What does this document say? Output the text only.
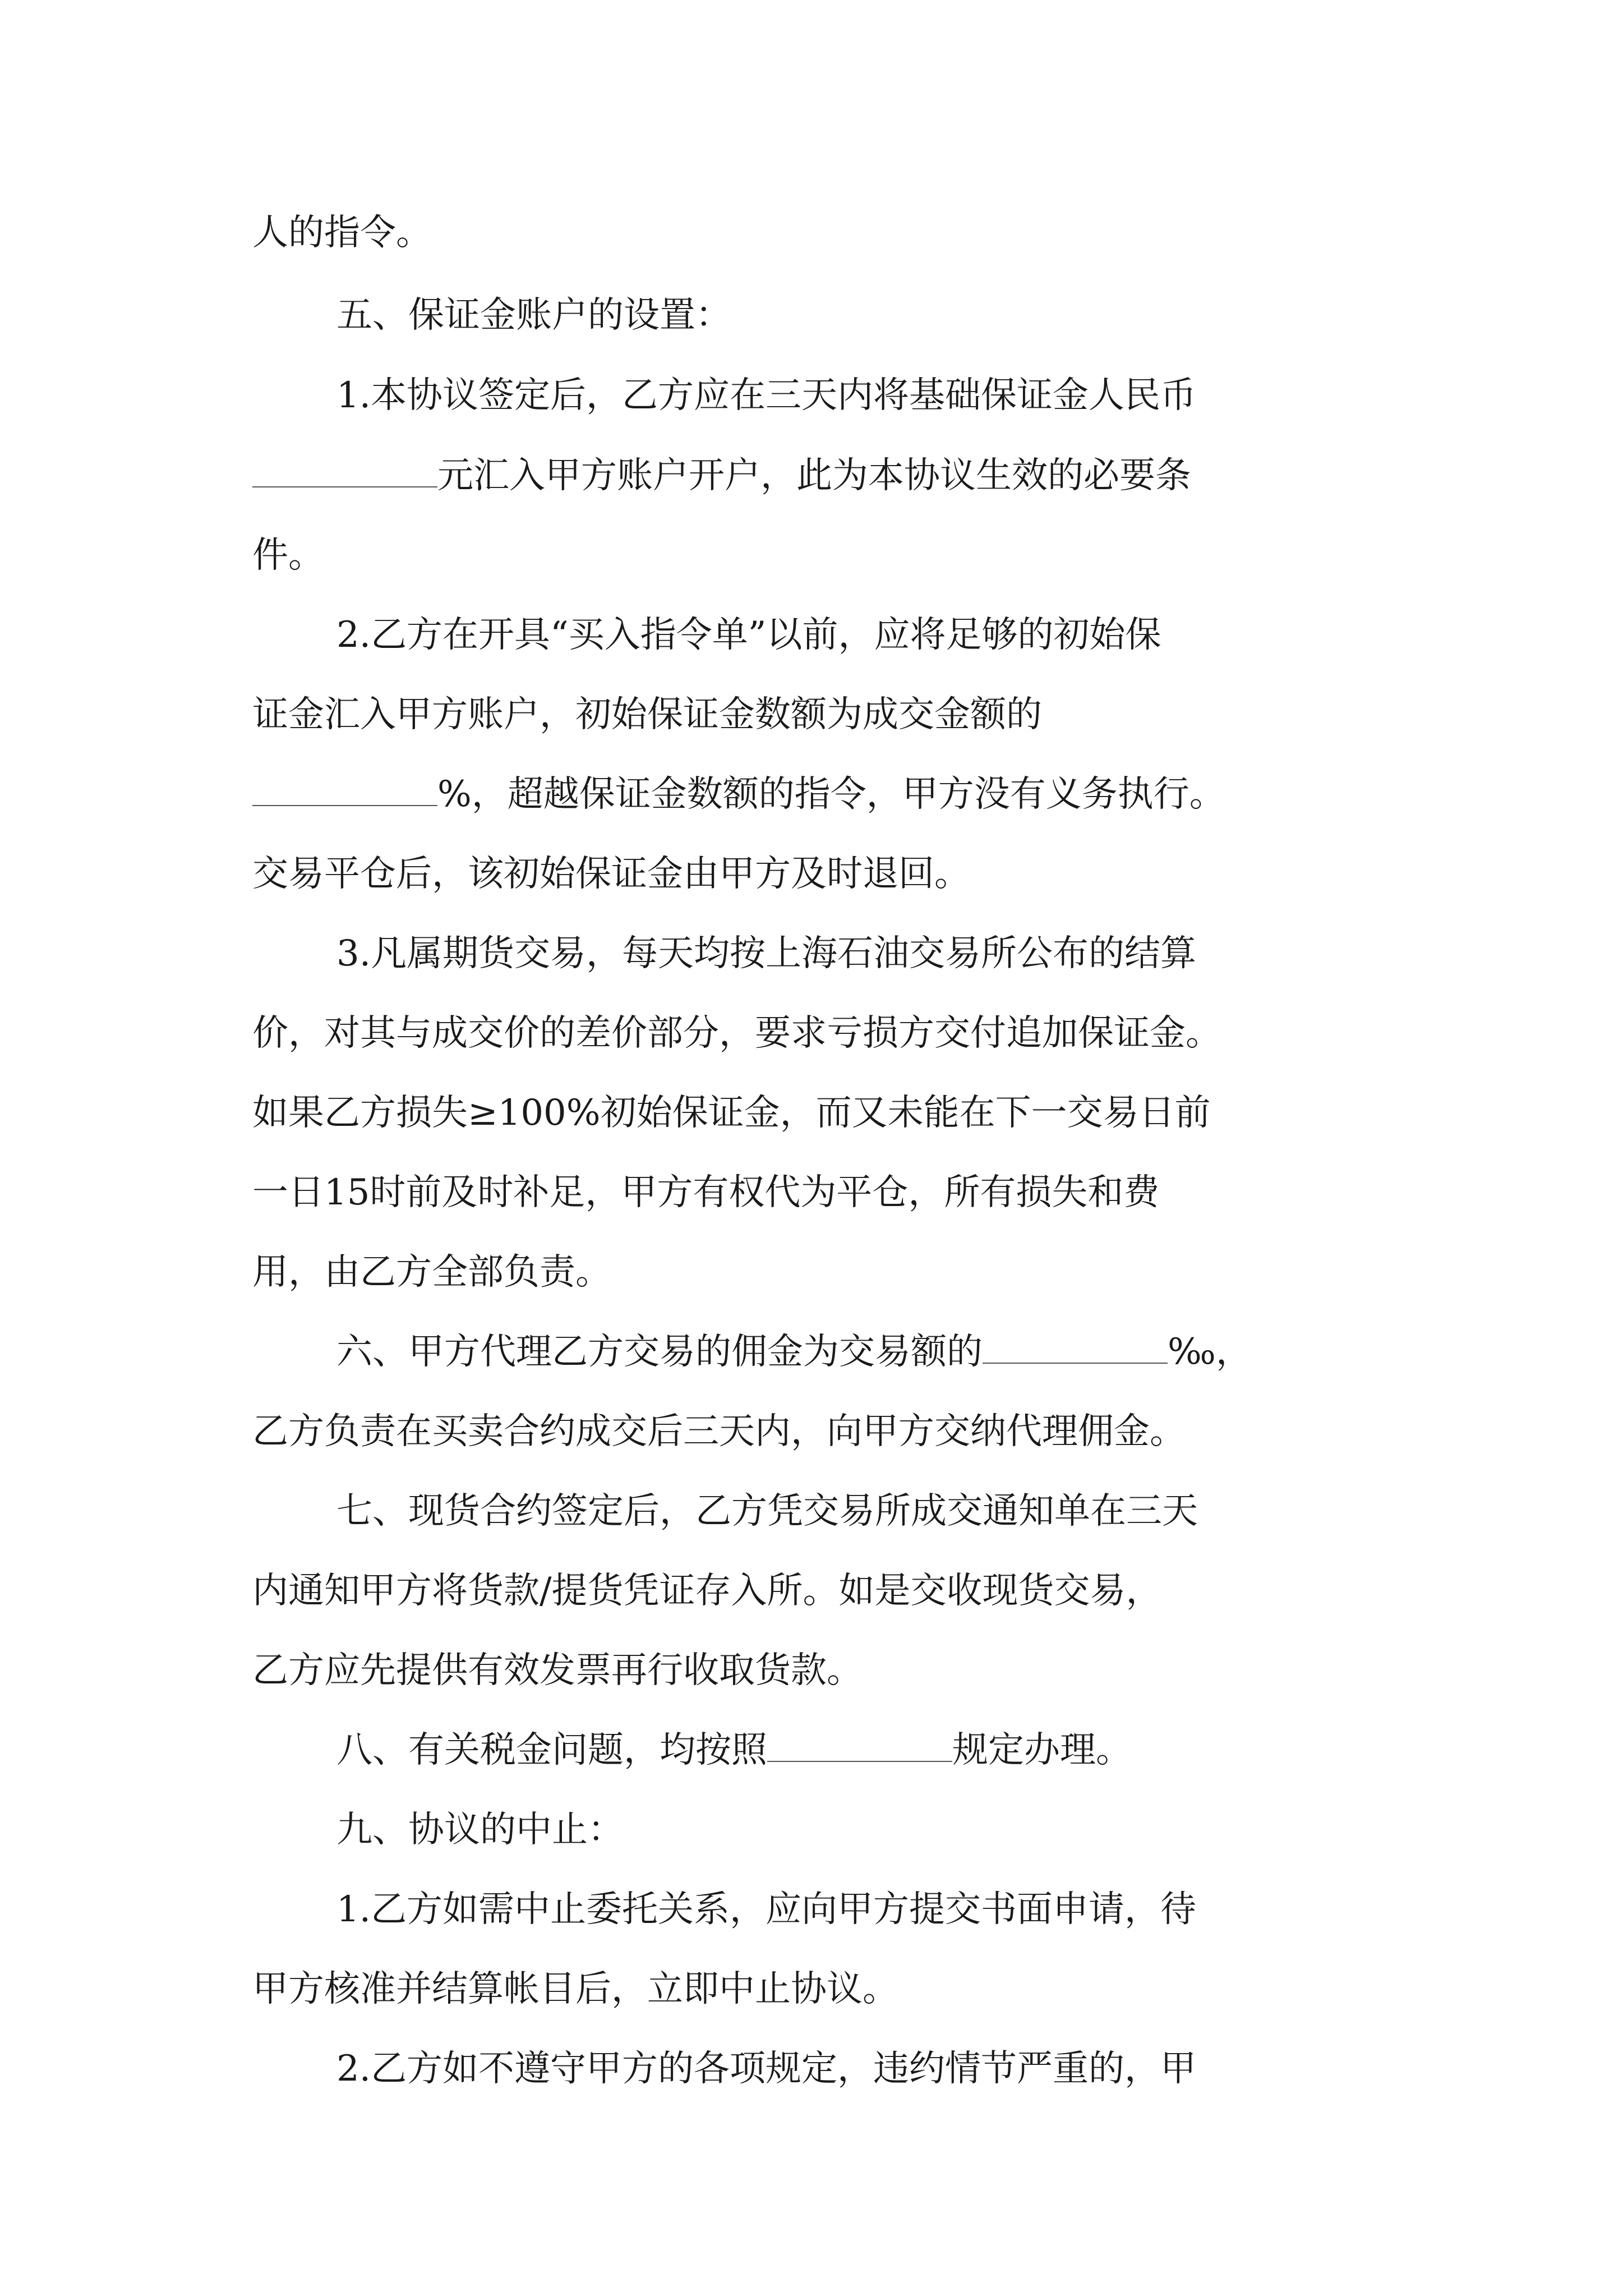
人的指令。
五、保证金账户的设置：
1.本协议签定后，乙方应在三天内将基础保证金人民币
元汇入甲方账户开户，此为本协议生效的必要条
件。
2.乙方在开具“买入指令单”以前，应将足够的初始保
证金汇入甲方账户，初始保证金数额为成交金额的
%，超越保证金数额的指令，甲方没有义务执行。
交易平仓后，该初始保证金由甲方及时退回。
3.凡属期货交易，每天均按上海石油交易所公布的结算
价，对其与成交价的差价部分，要求亏损方交付追加保证金。
如果乙方损失≥100%初始保证金，而又未能在下一交易日前
一日15时前及时补足，甲方有权代为平仓，所有损失和费
用，由乙方全部负责。
六、甲方代理乙方交易的佣金为交易额的	‰，
乙方负责在买卖合约成交后三天内，向甲方交纳代理佣金。
七、现货合约签定后，乙方凭交易所成交通知单在三天
内通知甲方将货款/提货凭证存入所。如是交收现货交易，
乙方应先提供有效发票再行收取货款。
八、有关税金问题，均按照	规定办理。
九、协议的中止：
1.乙方如需中止委托关系，应向甲方提交书面申请，待
甲方核准并结算帐目后，立即中止协议。
2.乙方如不遵守甲方的各项规定，违约情节严重的，甲
